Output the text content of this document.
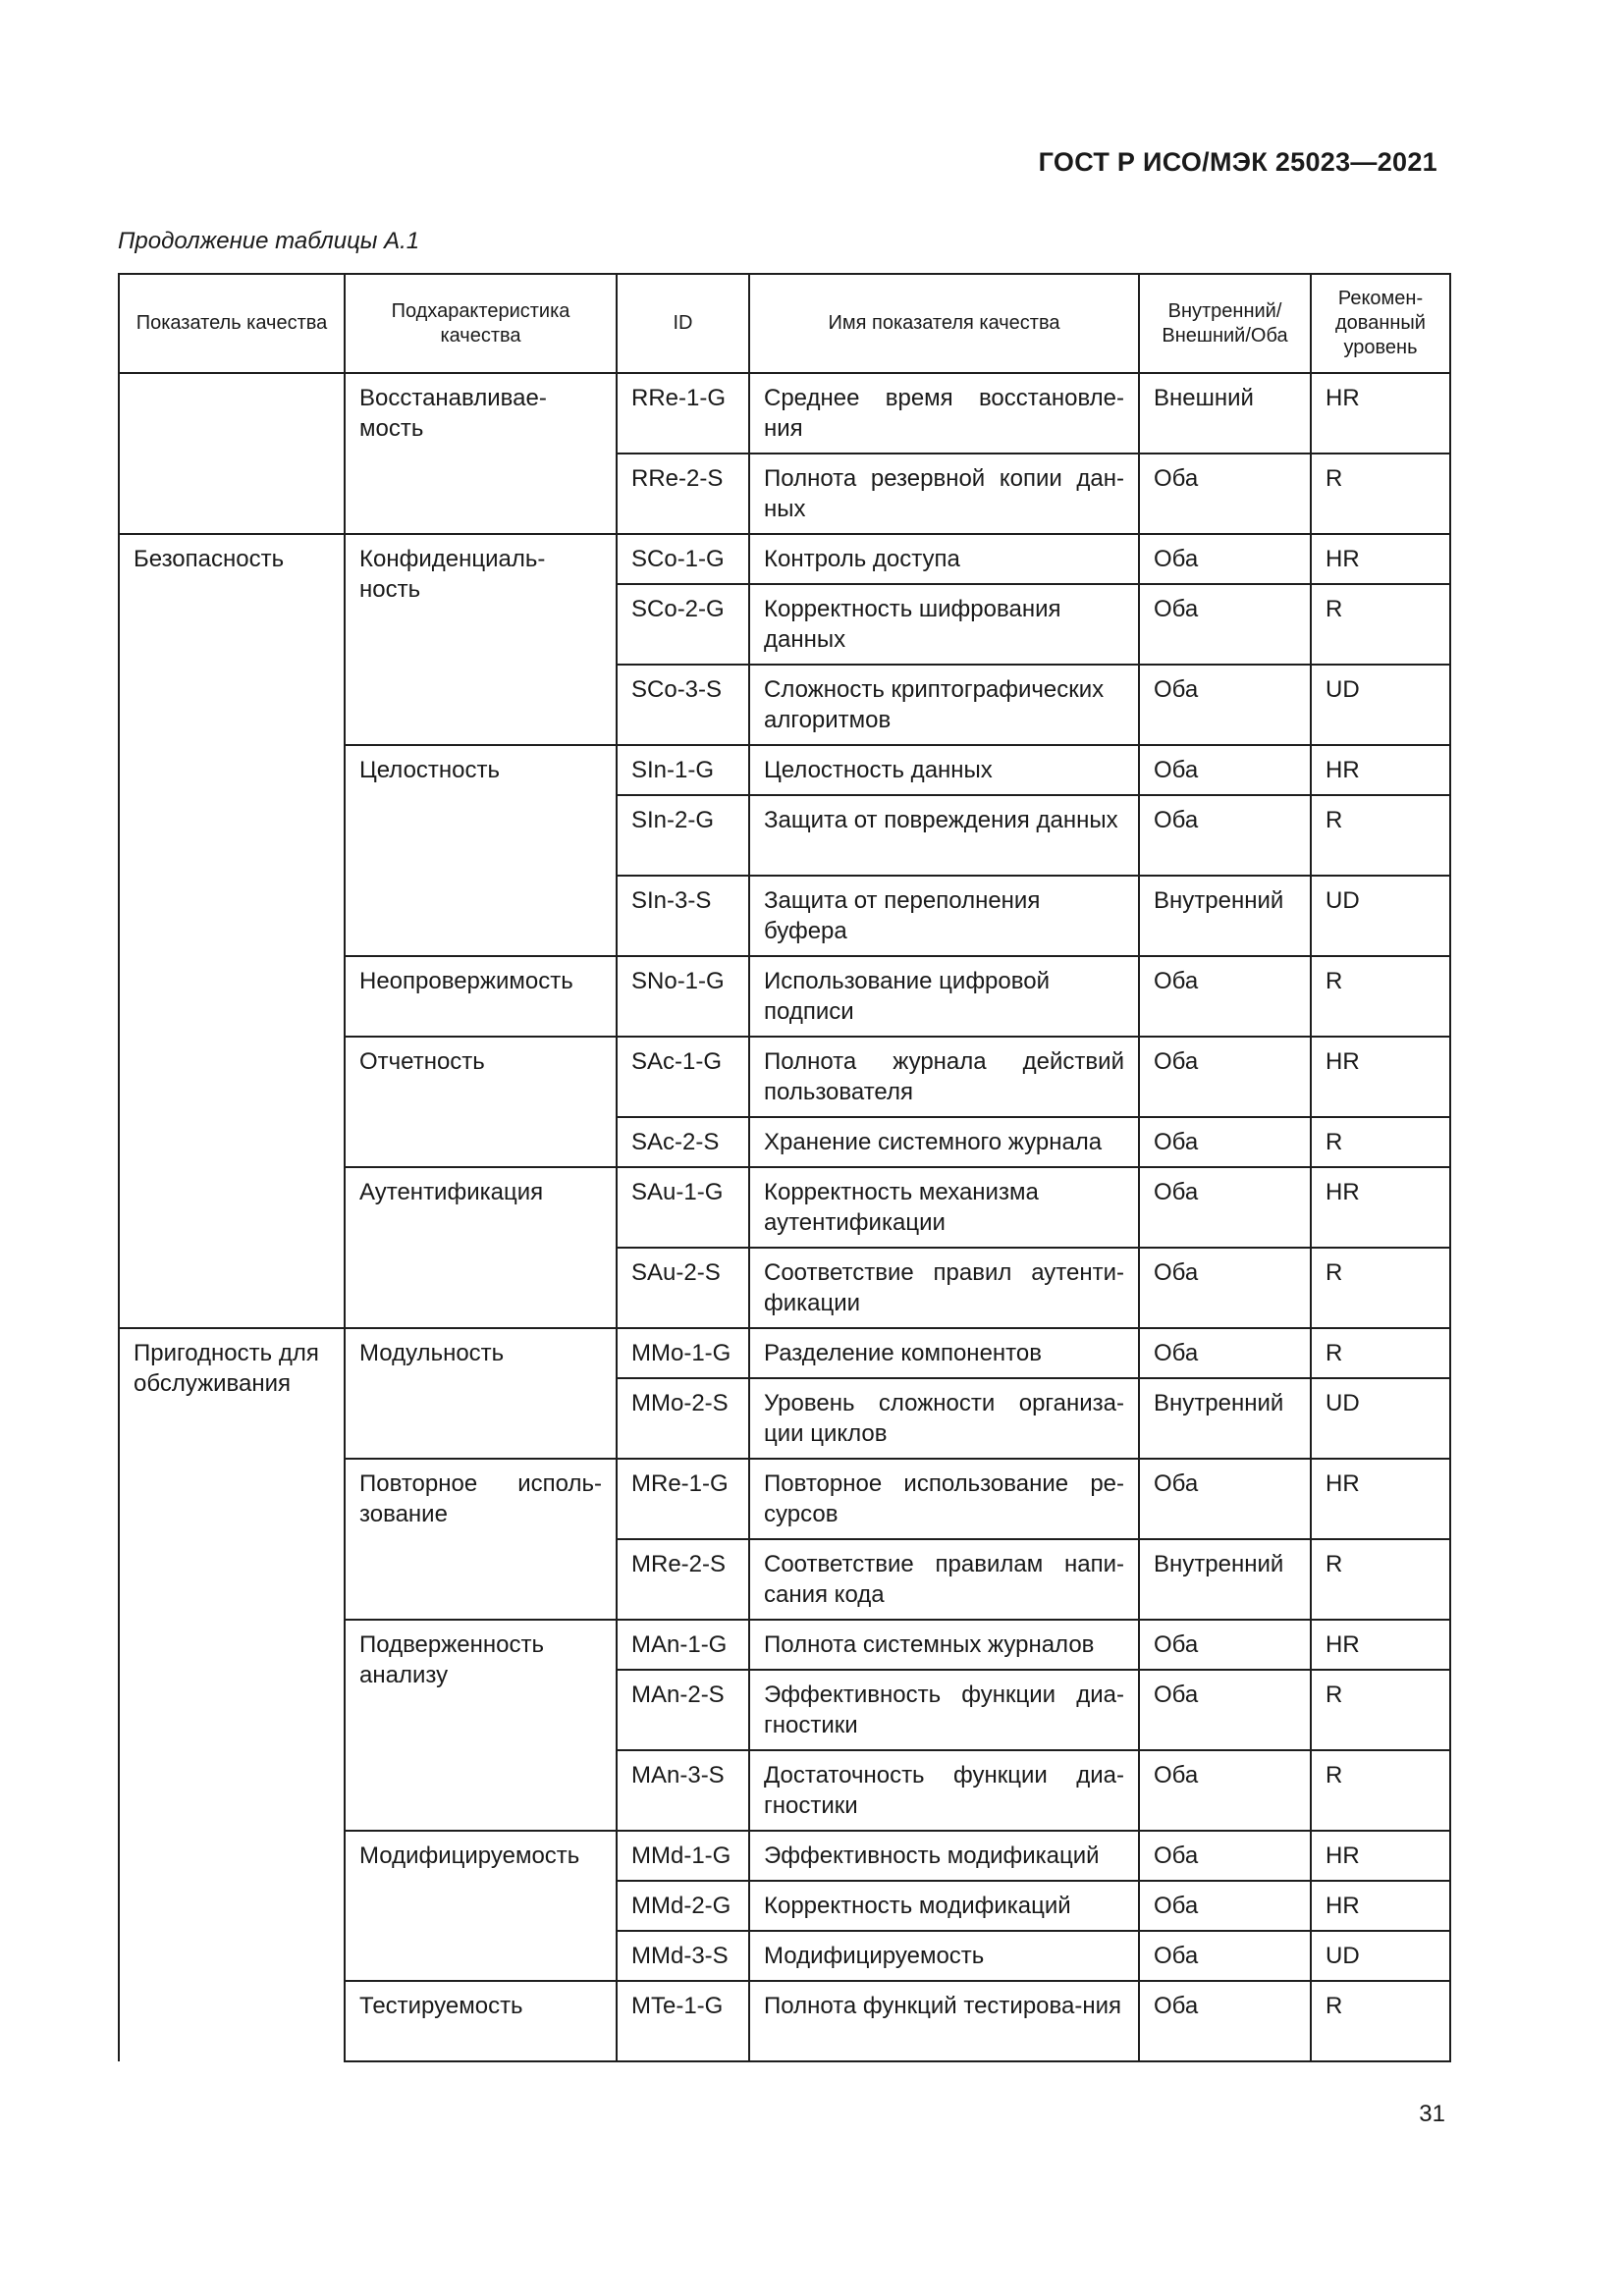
ГОСТ Р ИСО/МЭК 25023—2021
Продолжение таблицы А.1
Показатель качества	Подхарактеристика качества	ID	Имя показателя качества	Внутренний/ Внешний/Оба	Рекомен-дованный уровень
	Восстанавливае-мость	RRe-1-G	Среднее время восстановле-ния	Внешний	HR
		RRe-2-S	Полнота резервной копии дан-ных	Оба	R
Безопасность	Конфиденциаль-ность	SCo-1-G	Контроль доступа	Оба	HR
		SCo-2-G	Корректность шифрования данных	Оба	R
		SCo-3-S	Сложность криптографических алгоритмов	Оба	UD
	Целостность	SIn-1-G	Целостность данных	Оба	HR
		SIn-2-G	Защита от повреждения данных	Оба	R
		SIn-3-S	Защита от переполнения буфера	Внутренний	UD
	Неопровержимость	SNo-1-G	Использование цифровой подписи	Оба	R
	Отчетность	SAc-1-G	Полнота журнала действий пользователя	Оба	HR
		SAc-2-S	Хранение системного журнала	Оба	R
	Аутентификация	SAu-1-G	Корректность механизма аутентификации	Оба	HR
		SAu-2-S	Соответствие правил аутенти-фикации	Оба	R
Пригодность для обслуживания	Модульность	MMo-1-G	Разделение компонентов	Оба	R
		MMo-2-S	Уровень сложности организа-ции циклов	Внутренний	UD
	Повторное исполь-зование	MRe-1-G	Повторное использование ре-сурсов	Оба	HR
		MRe-2-S	Соответствие правилам напи-сания кода	Внутренний	R
	Подверженность анализу	MAn-1-G	Полнота системных журналов	Оба	HR
		MAn-2-S	Эффективность функции диа-гностики	Оба	R
		MAn-3-S	Достаточность функции диа-гностики	Оба	R
	Модифицируемость	MMd-1-G	Эффективность модификаций	Оба	HR
		MMd-2-G	Корректность модификаций	Оба	HR
		MMd-3-S	Модифицируемость	Оба	UD
	Тестируемость	MTe-1-G	Полнота функций тестирова-ния	Оба	R
31
